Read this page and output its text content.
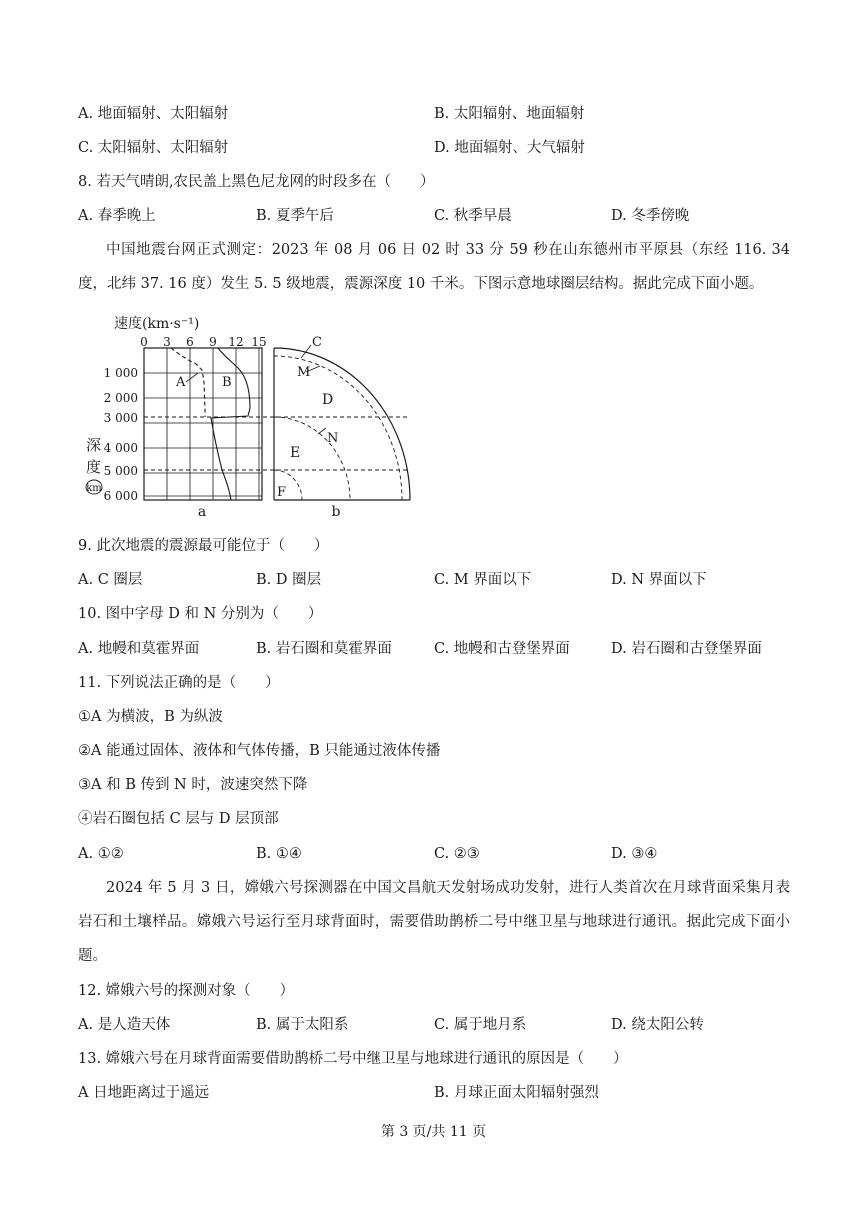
A. 地面辐射、太阳辐射	B. 太阳辐射、地面辐射
C. 太阳辐射、太阳辐射	D. 地面辐射、大气辐射
8. 若天气晴朗,农民盖上黑色尼龙网的时段多在（　　）
A. 春季晚上	B. 夏季午后	C. 秋季早晨	D. 冬季傍晚
中国地震台网正式测定：2023 年 08 月 06 日 02 时 33 分 59 秒在山东德州市平原县（东经 116. 34 度，北纬 37. 16 度）发生 5. 5 级地震，震源深度 10 千米。下图示意地球圈层结构。据此完成下面小题。
速度(km·s⁻¹)
0 3 6 9 12 15
1 000
2 000
3 000
4 000
5 000
6 000
深
度
km
A	B
C
M
D
N
E
F
a	b
9. 此次地震的震源最可能位于（　　）
A. C 圈层	B. D 圈层	C. M 界面以下	D. N 界面以下
10. 图中字母 D 和 N 分别为（　　）
A. 地幔和莫霍界面	B. 岩石圈和莫霍界面	C. 地幔和古登堡界面	D. 岩石圈和古登堡界面
11. 下列说法正确的是（　　）
①A 为横波，B 为纵波
②A 能通过固体、液体和气体传播，B 只能通过液体传播
③A 和 B 传到 N 时，波速突然下降
④岩石圈包括 C 层与 D 层顶部
A. ①②	B. ①④	C. ②③	D. ③④
2024 年 5 月 3 日，嫦娥六号探测器在中国文昌航天发射场成功发射，进行人类首次在月球背面采集月表岩石和土壤样品。嫦娥六号运行至月球背面时，需要借助鹊桥二号中继卫星与地球进行通讯。据此完成下面小题。
12. 嫦娥六号的探测对象（　　）
A. 是人造天体	B. 属于太阳系	C. 属于地月系	D. 绕太阳公转
13. 嫦娥六号在月球背面需要借助鹊桥二号中继卫星与地球进行通讯的原因是（　　）
A 日地距离过于遥远	B. 月球正面太阳辐射强烈
第 3 页/共 11 页
